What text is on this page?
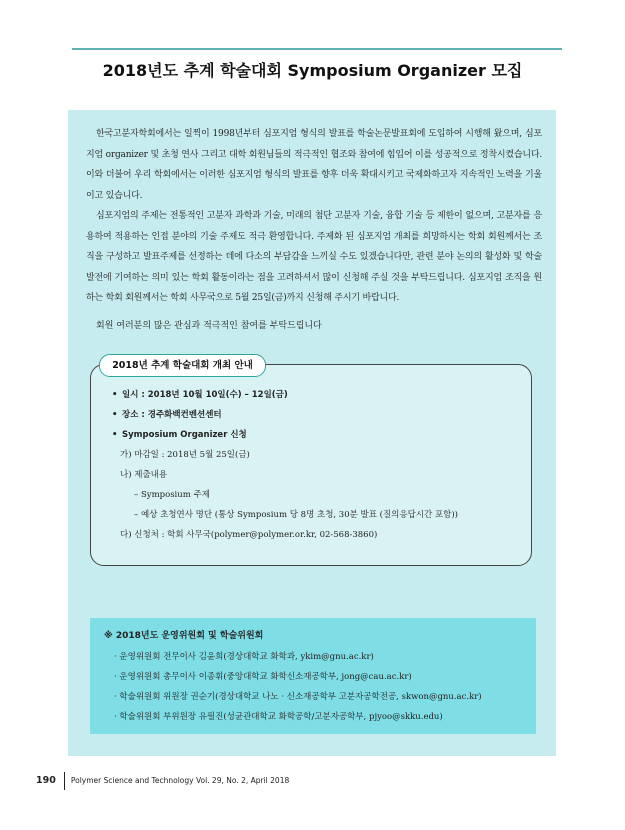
2018년도 추계 학술대회 Symposium Organizer 모집

한국고분자학회에서는 일찍이 1998년부터 심포지엄 형식의 발표를 학술논문발표회에 도입하여 시행해 왔으며, 심포지엄 organizer 및 초청 연사 그리고 대학 회원님들의 적극적인 협조와 참여에 힘입어 이를 성공적으로 정착시켰습니다. 이와 더불어 우리 학회에서는 이러한 심포지엄 형식의 발표를 향후 더욱 확대시키고 국제화하고자 지속적인 노력을 기울이고 있습니다.

심포지엄의 주제는 전통적인 고분자 과학과 기술, 미래의 첨단 고분자 기술, 융합 기술 등 제한이 없으며, 고분자를 응용하여 적용하는 인접 분야의 기술 주제도 적극 환영합니다. 주제화 된 심포지엄 개최를 희망하시는 학회 회원께서는 조직을 구성하고 발표주제를 선정하는 데에 다소의 부담감을 느끼실 수도 있겠습니다만, 관련 분야 논의의 활성화 및 학술발전에 기여하는 의미 있는 학회 활동이라는 점을 고려하셔서 많이 신청해 주실 것을 부탁드립니다. 심포지엄 조직을 원하는 학회 회원께서는 학회 사무국으로 5월 25일(금)까지 신청해 주시기 바랍니다.

회원 여러분의 많은 관심과 적극적인 참여를 부탁드립니다
2018년 추계 학술대회 개최 안내
• 일시 : 2018년 10월 10일(수) – 12일(금)
• 장소 : 경주화백컨벤션센터
• Symposium Organizer 신청
가) 마감일 : 2018년 5월 25일(금)
나) 제출내용
– Symposium 주제
– 예상 초청연사 명단 (통상 Symposium 당 8명 초청, 30분 발표 (질의응답시간 포함))
다) 신청처 : 학회 사무국(polymer@polymer.or.kr, 02-568-3860)
※ 2018년도 운영위원회 및 학술위원회
· 운영위원회 전무이사 김윤희(경상대학교 화학과, ykim@gnu.ac.kr)
· 운영위원회 총무이사 이종휘(중앙대학교 화학신소재공학부, jong@cau.ac.kr)
· 학술위원회 위원장 권순기(경상대학교 나노 · 신소재공학부 고분자공학전공, skwon@gnu.ac.kr)
· 학술위원회 부위원장 유필진(성균관대학교 화학공학/고분자공학부, pjyoo@skku.edu)
190 Polymer Science and Technology Vol. 29, No. 2, April 2018
